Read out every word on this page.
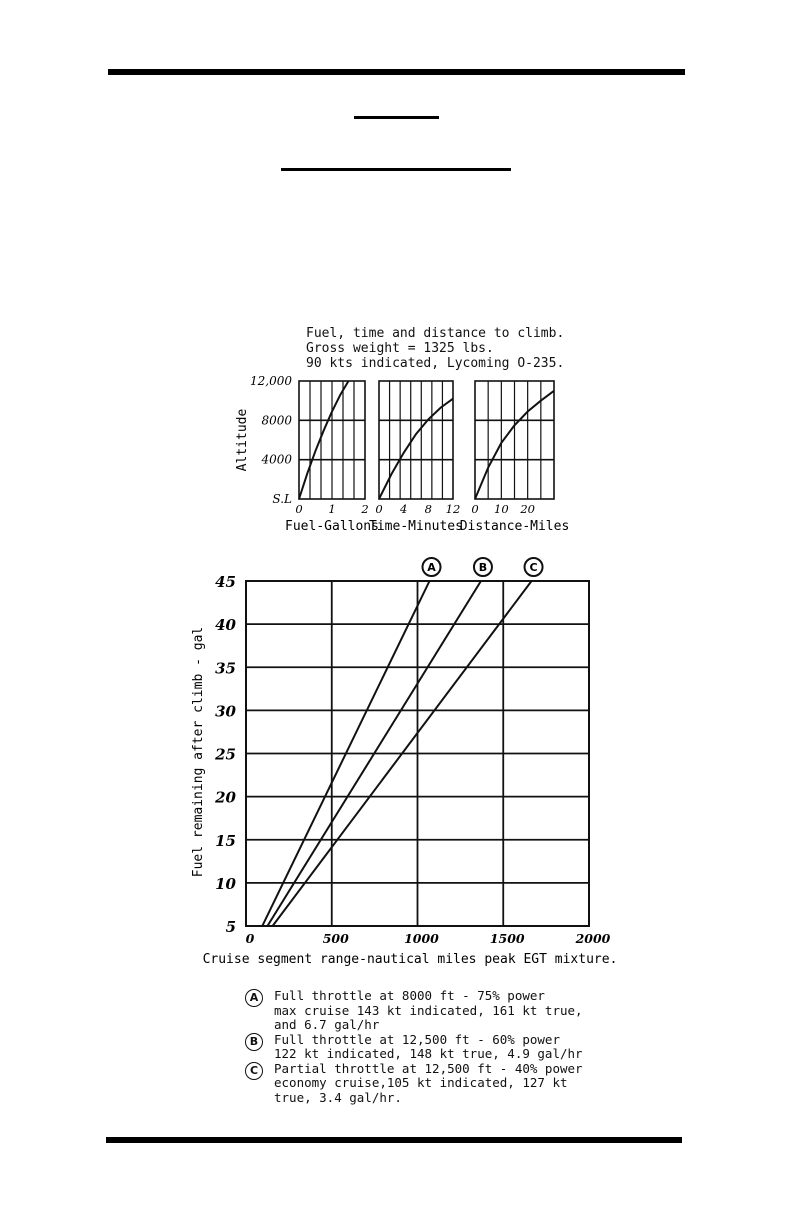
Fuel, time and distance to climb.
Gross weight = 1325 lbs.
90 kts indicated, Lycoming O-235.
Altitude
12,000
8000
4000
S.L
0 1 2
Fuel-Gallons
0 4 8 12
Time-Minutes
0 10 20
Distance-Miles
45
40
35
30
25
20
15
10
5
0	500	1000	1500	2000
Fuel remaining after climb - gal
Cruise segment range-nautical miles peak EGT mixture.
A	B	C
A	Full throttle at 8000 ft - 75% power
max cruise 143 kt indicated, 161 kt true,
and 6.7 gal/hr
B	Full throttle at 12,500 ft - 60% power
122 kt indicated, 148 kt true, 4.9 gal/hr
C	Partial throttle at 12,500 ft - 40% power
economy cruise,105 kt indicated, 127 kt
true, 3.4 gal/hr.
